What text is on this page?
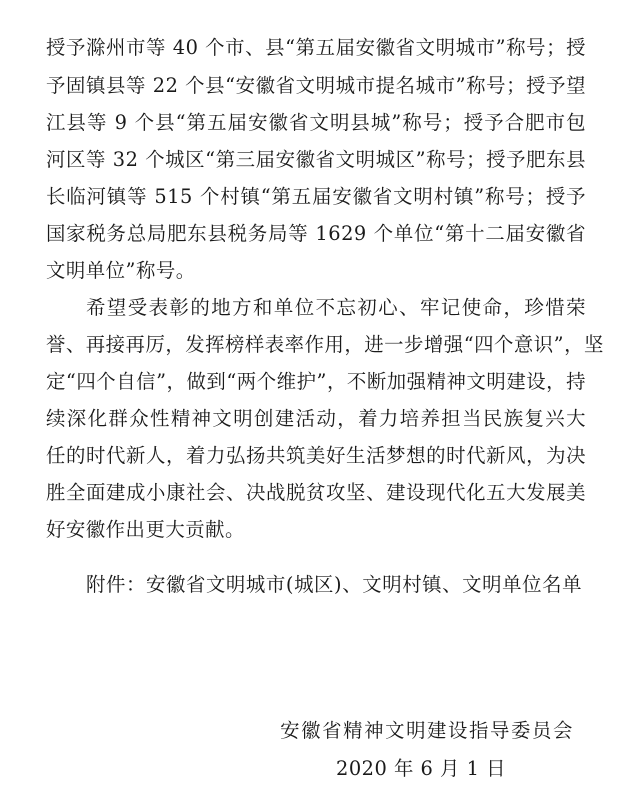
授予滁州市等 40 个市、县“第五届安徽省文明城市”称号；授
予固镇县等 22 个县“安徽省文明城市提名城市”称号；授予望
江县等 9 个县“第五届安徽省文明县城”称号；授予合肥市包
河区等 32 个城区“第三届安徽省文明城区”称号；授予肥东县
长临河镇等 515 个村镇“第五届安徽省文明村镇”称号；授予
国家税务总局肥东县税务局等 1629 个单位“第十二届安徽省
文明单位”称号。
希望受表彰的地方和单位不忘初心、牢记使命，珍惜荣
誉、再接再厉，发挥榜样表率作用，进一步增强“四个意识”，坚
定“四个自信”，做到“两个维护”，不断加强精神文明建设，持
续深化群众性精神文明创建活动，着力培养担当民族复兴大
任的时代新人，着力弘扬共筑美好生活梦想的时代新风，为决
胜全面建成小康社会、决战脱贫攻坚、建设现代化五大发展美
好安徽作出更大贡献。
附件：安徽省文明城市(城区)、文明村镇、文明单位名单
安徽省精神文明建设指导委员会
2020 年 6 月 1 日
